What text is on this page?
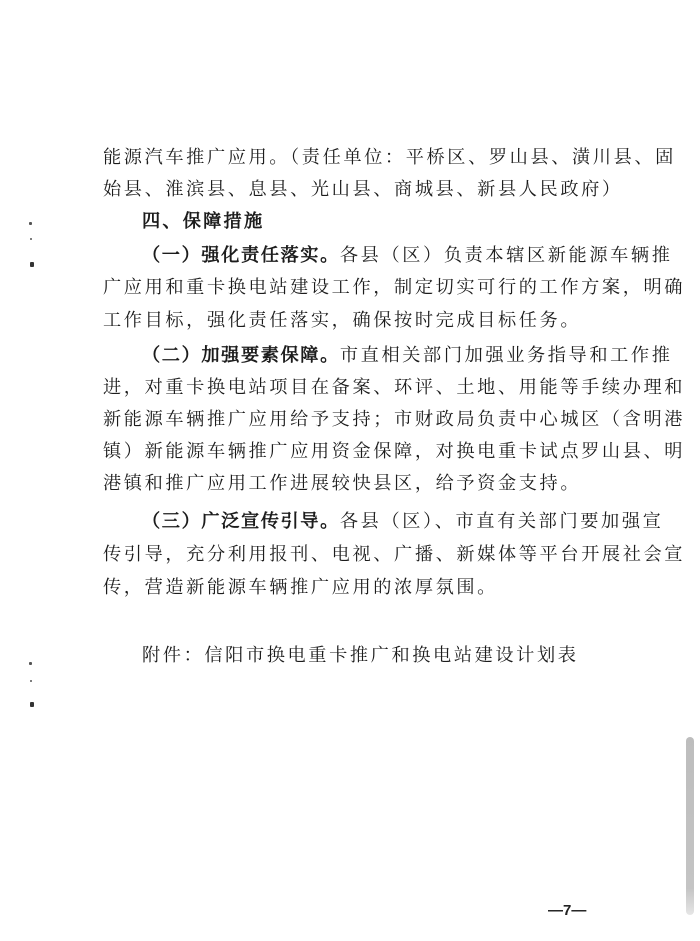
能源汽车推广应用。（责任单位：平桥区、罗山县、潢川县、固
始县、淮滨县、息县、光山县、商城县、新县人民政府）
四、保障措施
（一）强化责任落实。各县（区）负责本辖区新能源车辆推
广应用和重卡换电站建设工作，制定切实可行的工作方案，明确
工作目标，强化责任落实，确保按时完成目标任务。
（二）加强要素保障。市直相关部门加强业务指导和工作推
进，对重卡换电站项目在备案、环评、土地、用能等手续办理和
新能源车辆推广应用给予支持；市财政局负责中心城区（含明港
镇）新能源车辆推广应用资金保障，对换电重卡试点罗山县、明
港镇和推广应用工作进展较快县区，给予资金支持。
（三）广泛宣传引导。各县（区）、市直有关部门要加强宣
传引导，充分利用报刊、电视、广播、新媒体等平台开展社会宣
传，营造新能源车辆推广应用的浓厚氛围。
附件：信阳市换电重卡推广和换电站建设计划表
—7—
